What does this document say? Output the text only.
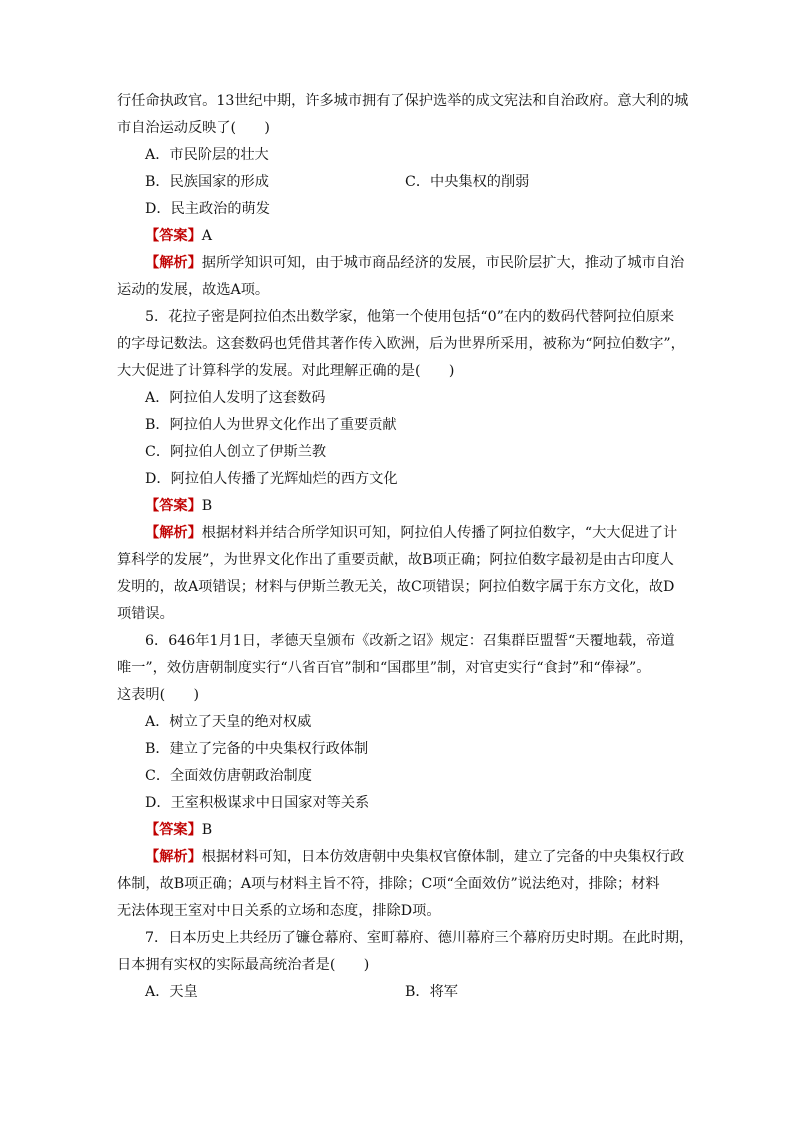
行任命执政官。13世纪中期，许多城市拥有了保护选举的成文宪法和自治政府。意大利的城
市自治运动反映了(　　)
A．市民阶层的壮大
B．民族国家的形成	C．中央集权的削弱
D．民主政治的萌发
【答案】A
【解析】据所学知识可知，由于城市商品经济的发展，市民阶层扩大，推动了城市自治
运动的发展，故选A项。
5．花拉子密是阿拉伯杰出数学家，他第一个使用包括“0”在内的数码代替阿拉伯原来
的字母记数法。这套数码也凭借其著作传入欧洲，后为世界所采用，被称为“阿拉伯数字”，
大大促进了计算科学的发展。对此理解正确的是(　　)
A．阿拉伯人发明了这套数码
B．阿拉伯人为世界文化作出了重要贡献
C．阿拉伯人创立了伊斯兰教
D．阿拉伯人传播了光辉灿烂的西方文化
【答案】B
【解析】根据材料并结合所学知识可知，阿拉伯人传播了阿拉伯数字，“大大促进了计
算科学的发展”，为世界文化作出了重要贡献，故B项正确；阿拉伯数字最初是由古印度人
发明的，故A项错误；材料与伊斯兰教无关，故C项错误；阿拉伯数字属于东方文化，故D
项错误。
6．646年1月1日，孝德天皇颁布《改新之诏》规定：召集群臣盟誓“天覆地载，帝道
唯一”，效仿唐朝制度实行“八省百官”制和“国郡里”制，对官吏实行“食封”和“俸禄”。
这表明(　　)
A．树立了天皇的绝对权威
B．建立了完备的中央集权行政体制
C．全面效仿唐朝政治制度
D．王室积极谋求中日国家对等关系
【答案】B
【解析】根据材料可知，日本仿效唐朝中央集权官僚体制，建立了完备的中央集权行政
体制，故B项正确；A项与材料主旨不符，排除；C项“全面效仿”说法绝对，排除；材料
无法体现王室对中日关系的立场和态度，排除D项。
7．日本历史上共经历了镰仓幕府、室町幕府、德川幕府三个幕府历史时期。在此时期，
日本拥有实权的实际最高统治者是(　　)
A．天皇	B．将军
